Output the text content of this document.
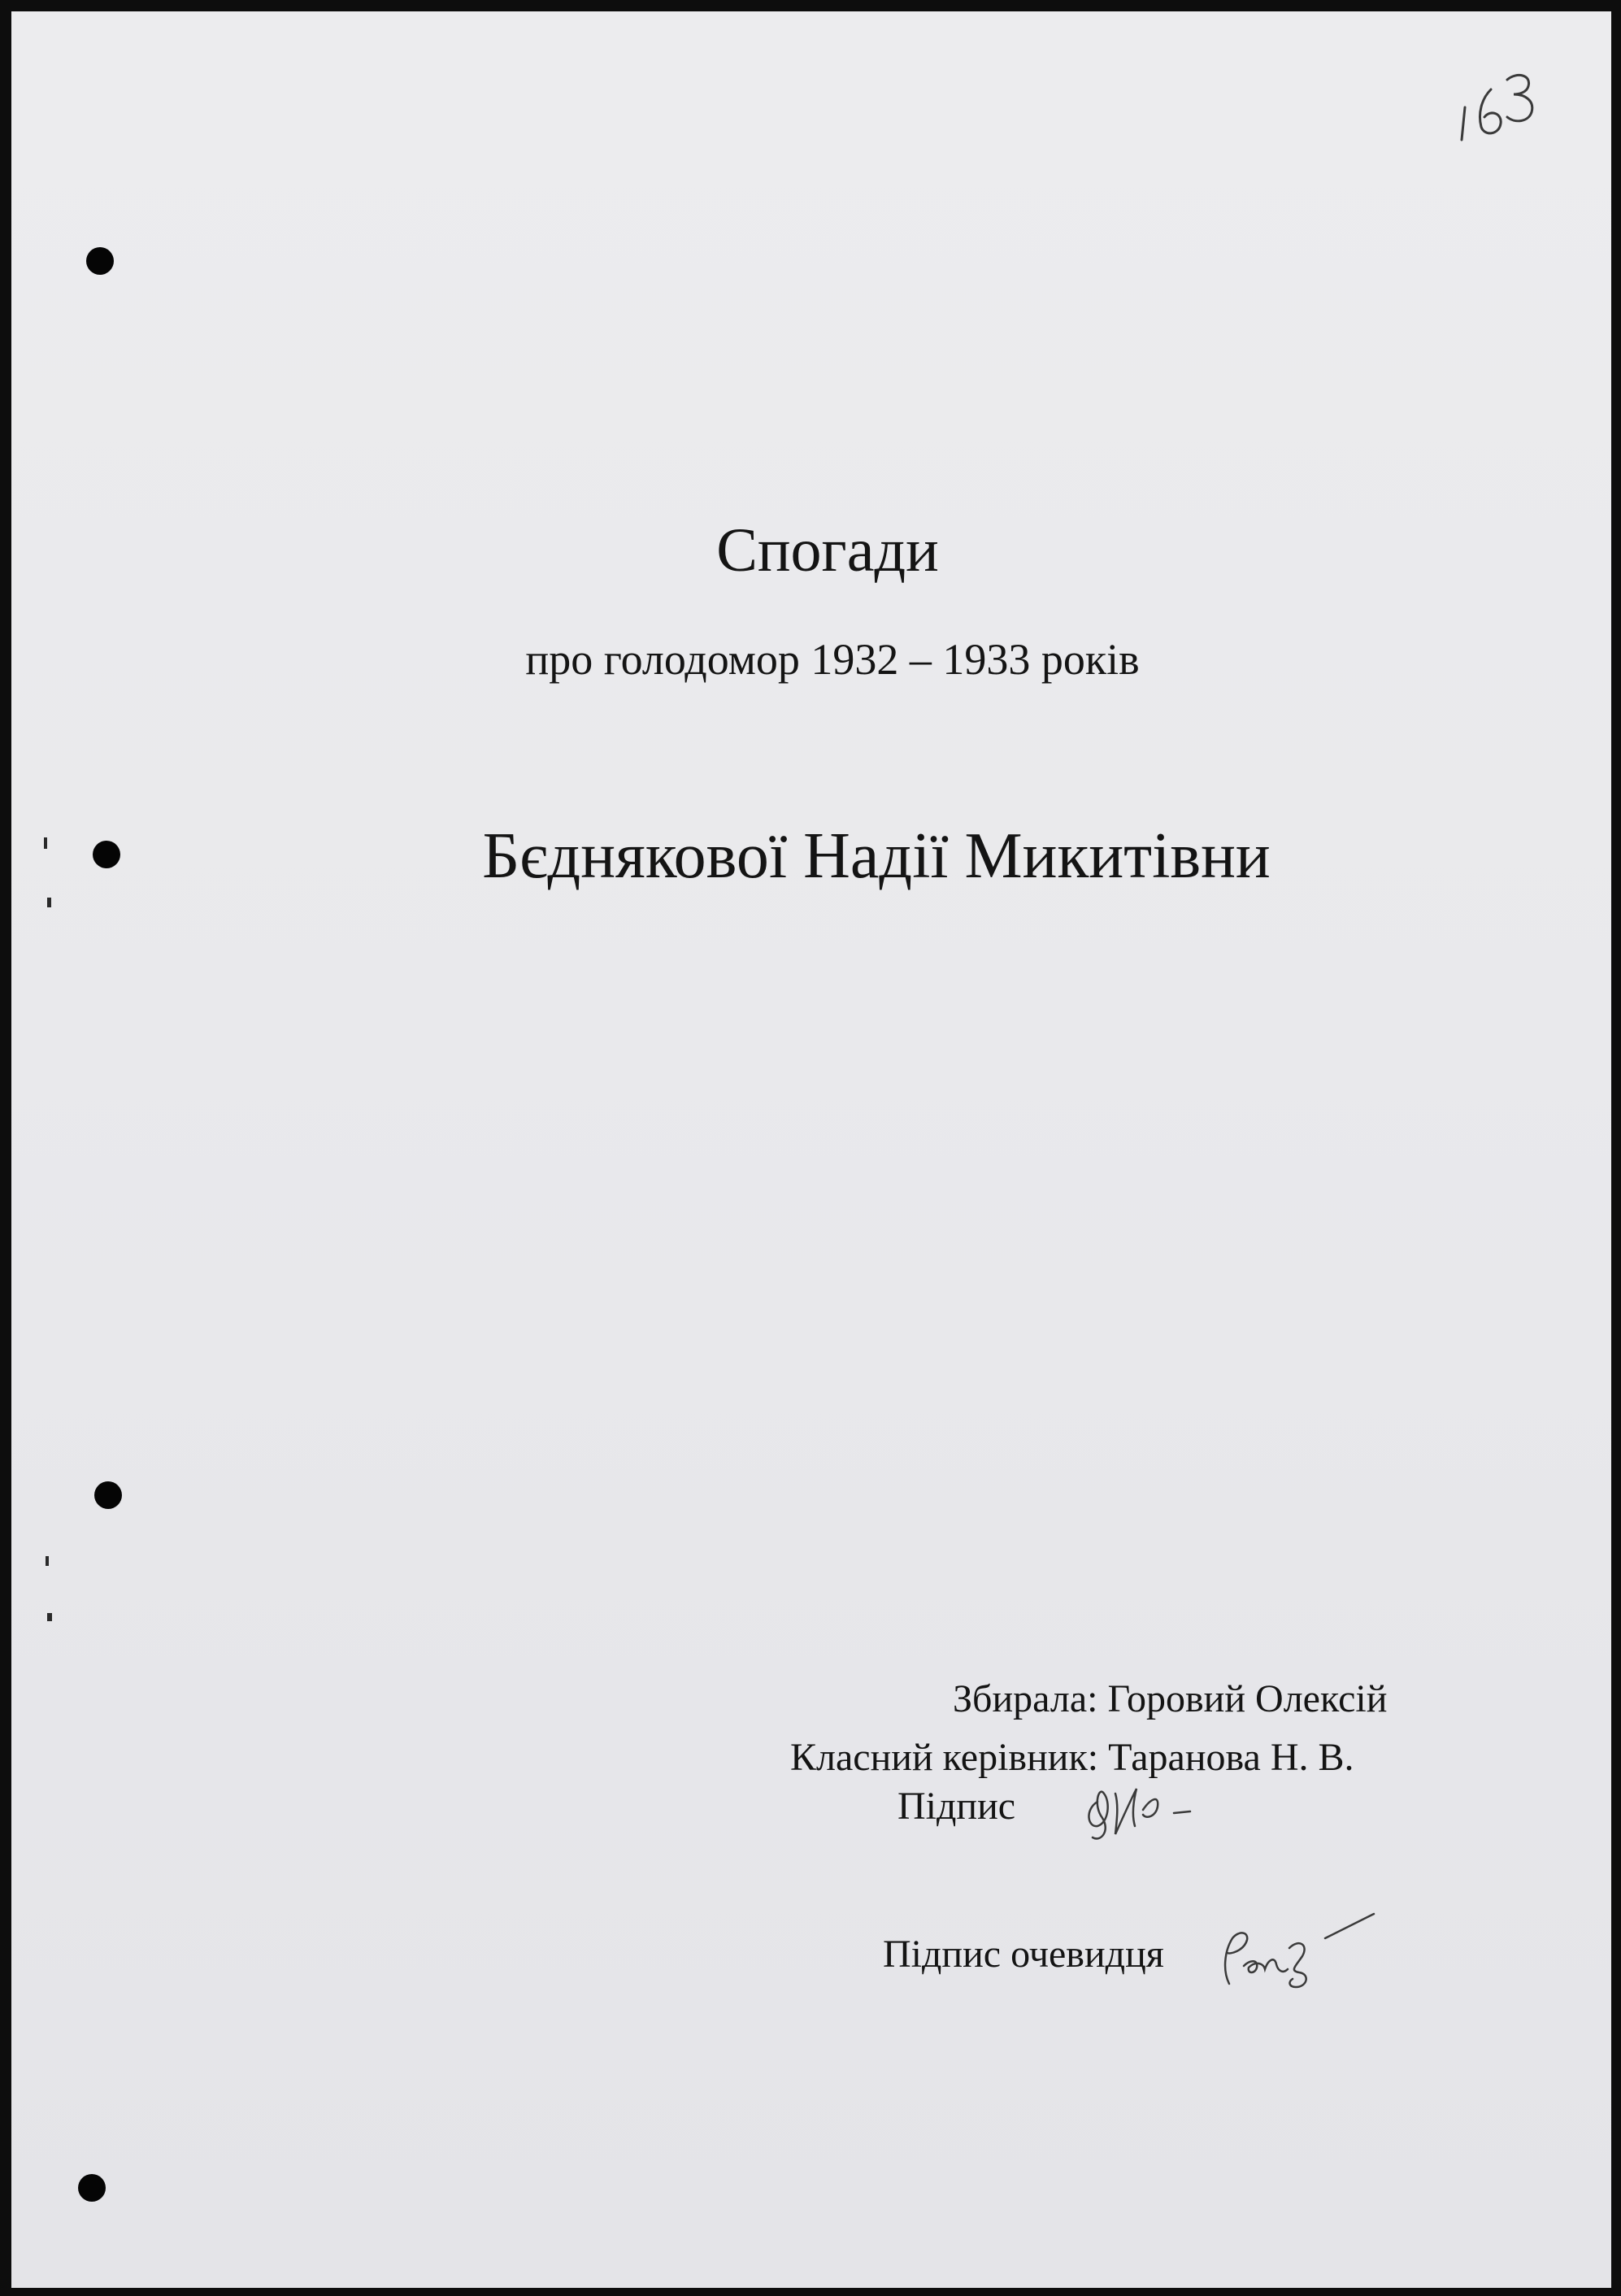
Спогади
про голодомор 1932 – 1933 років
Бєднякової Надії Микитівни
Збирала: Горовий Олексій
Класний керівник: Таранова Н. В.
Підпис
Підпис очевидця
